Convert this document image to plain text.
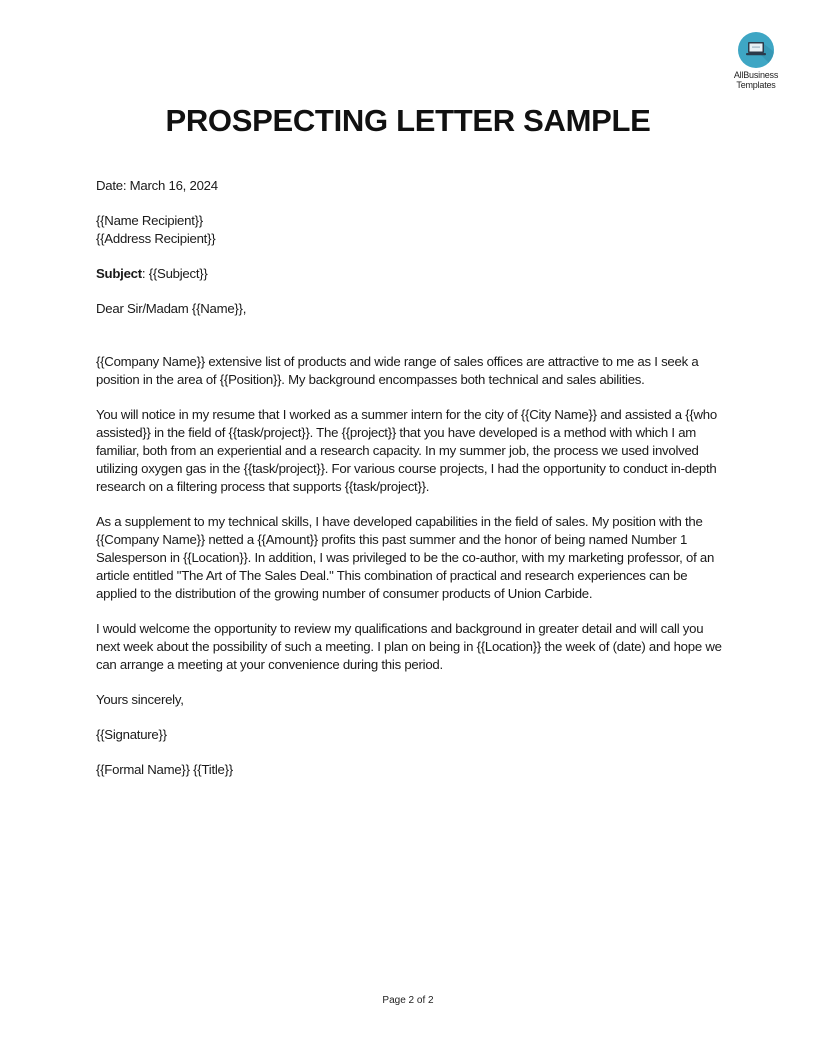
AllBusiness
Templates
PROSPECTING LETTER SAMPLE

Date: March 16, 2024

{{Name Recipient}}

{{Address Recipient}}

Subject: {{Subject}}

Dear Sir/Madam {{Name}},

{{Company Name}} extensive list of products and wide range of sales offices are attractive to me as I seek a position in the area of {{Position}}. My background encompasses both technical and sales abilities.

You will notice in my resume that I worked as a summer intern for the city of {{City Name}} and assisted a {{who assisted}} in the field of {{task/project}}. The {{project}} that you have developed is a method with which I am familiar, both from an experiential and a research capacity. In my summer job, the process we used involved utilizing oxygen gas in the {{task/project}}. For various course projects, I had the opportunity to conduct in-depth research on a filtering process that supports {{task/project}}.

As a supplement to my technical skills, I have developed capabilities in the field of sales. My position with the {{Company Name}} netted a {{Amount}} profits this past summer and the honor of being named Number 1 Salesperson in {{Location}}. In addition, I was privileged to be the co-author, with my marketing professor, of an article entitled "The Art of The Sales Deal." This combination of practical and research experiences can be applied to the distribution of the growing number of consumer products of Union Carbide.

I would welcome the opportunity to review my qualifications and background in greater detail and will call you next week about the possibility of such a meeting. I plan on being in {{Location}} the week of (date) and hope we can arrange a meeting at your convenience during this period.

Yours sincerely,

{{Signature}}

{{Formal Name}} {{Title}}

Page 2 of 2
